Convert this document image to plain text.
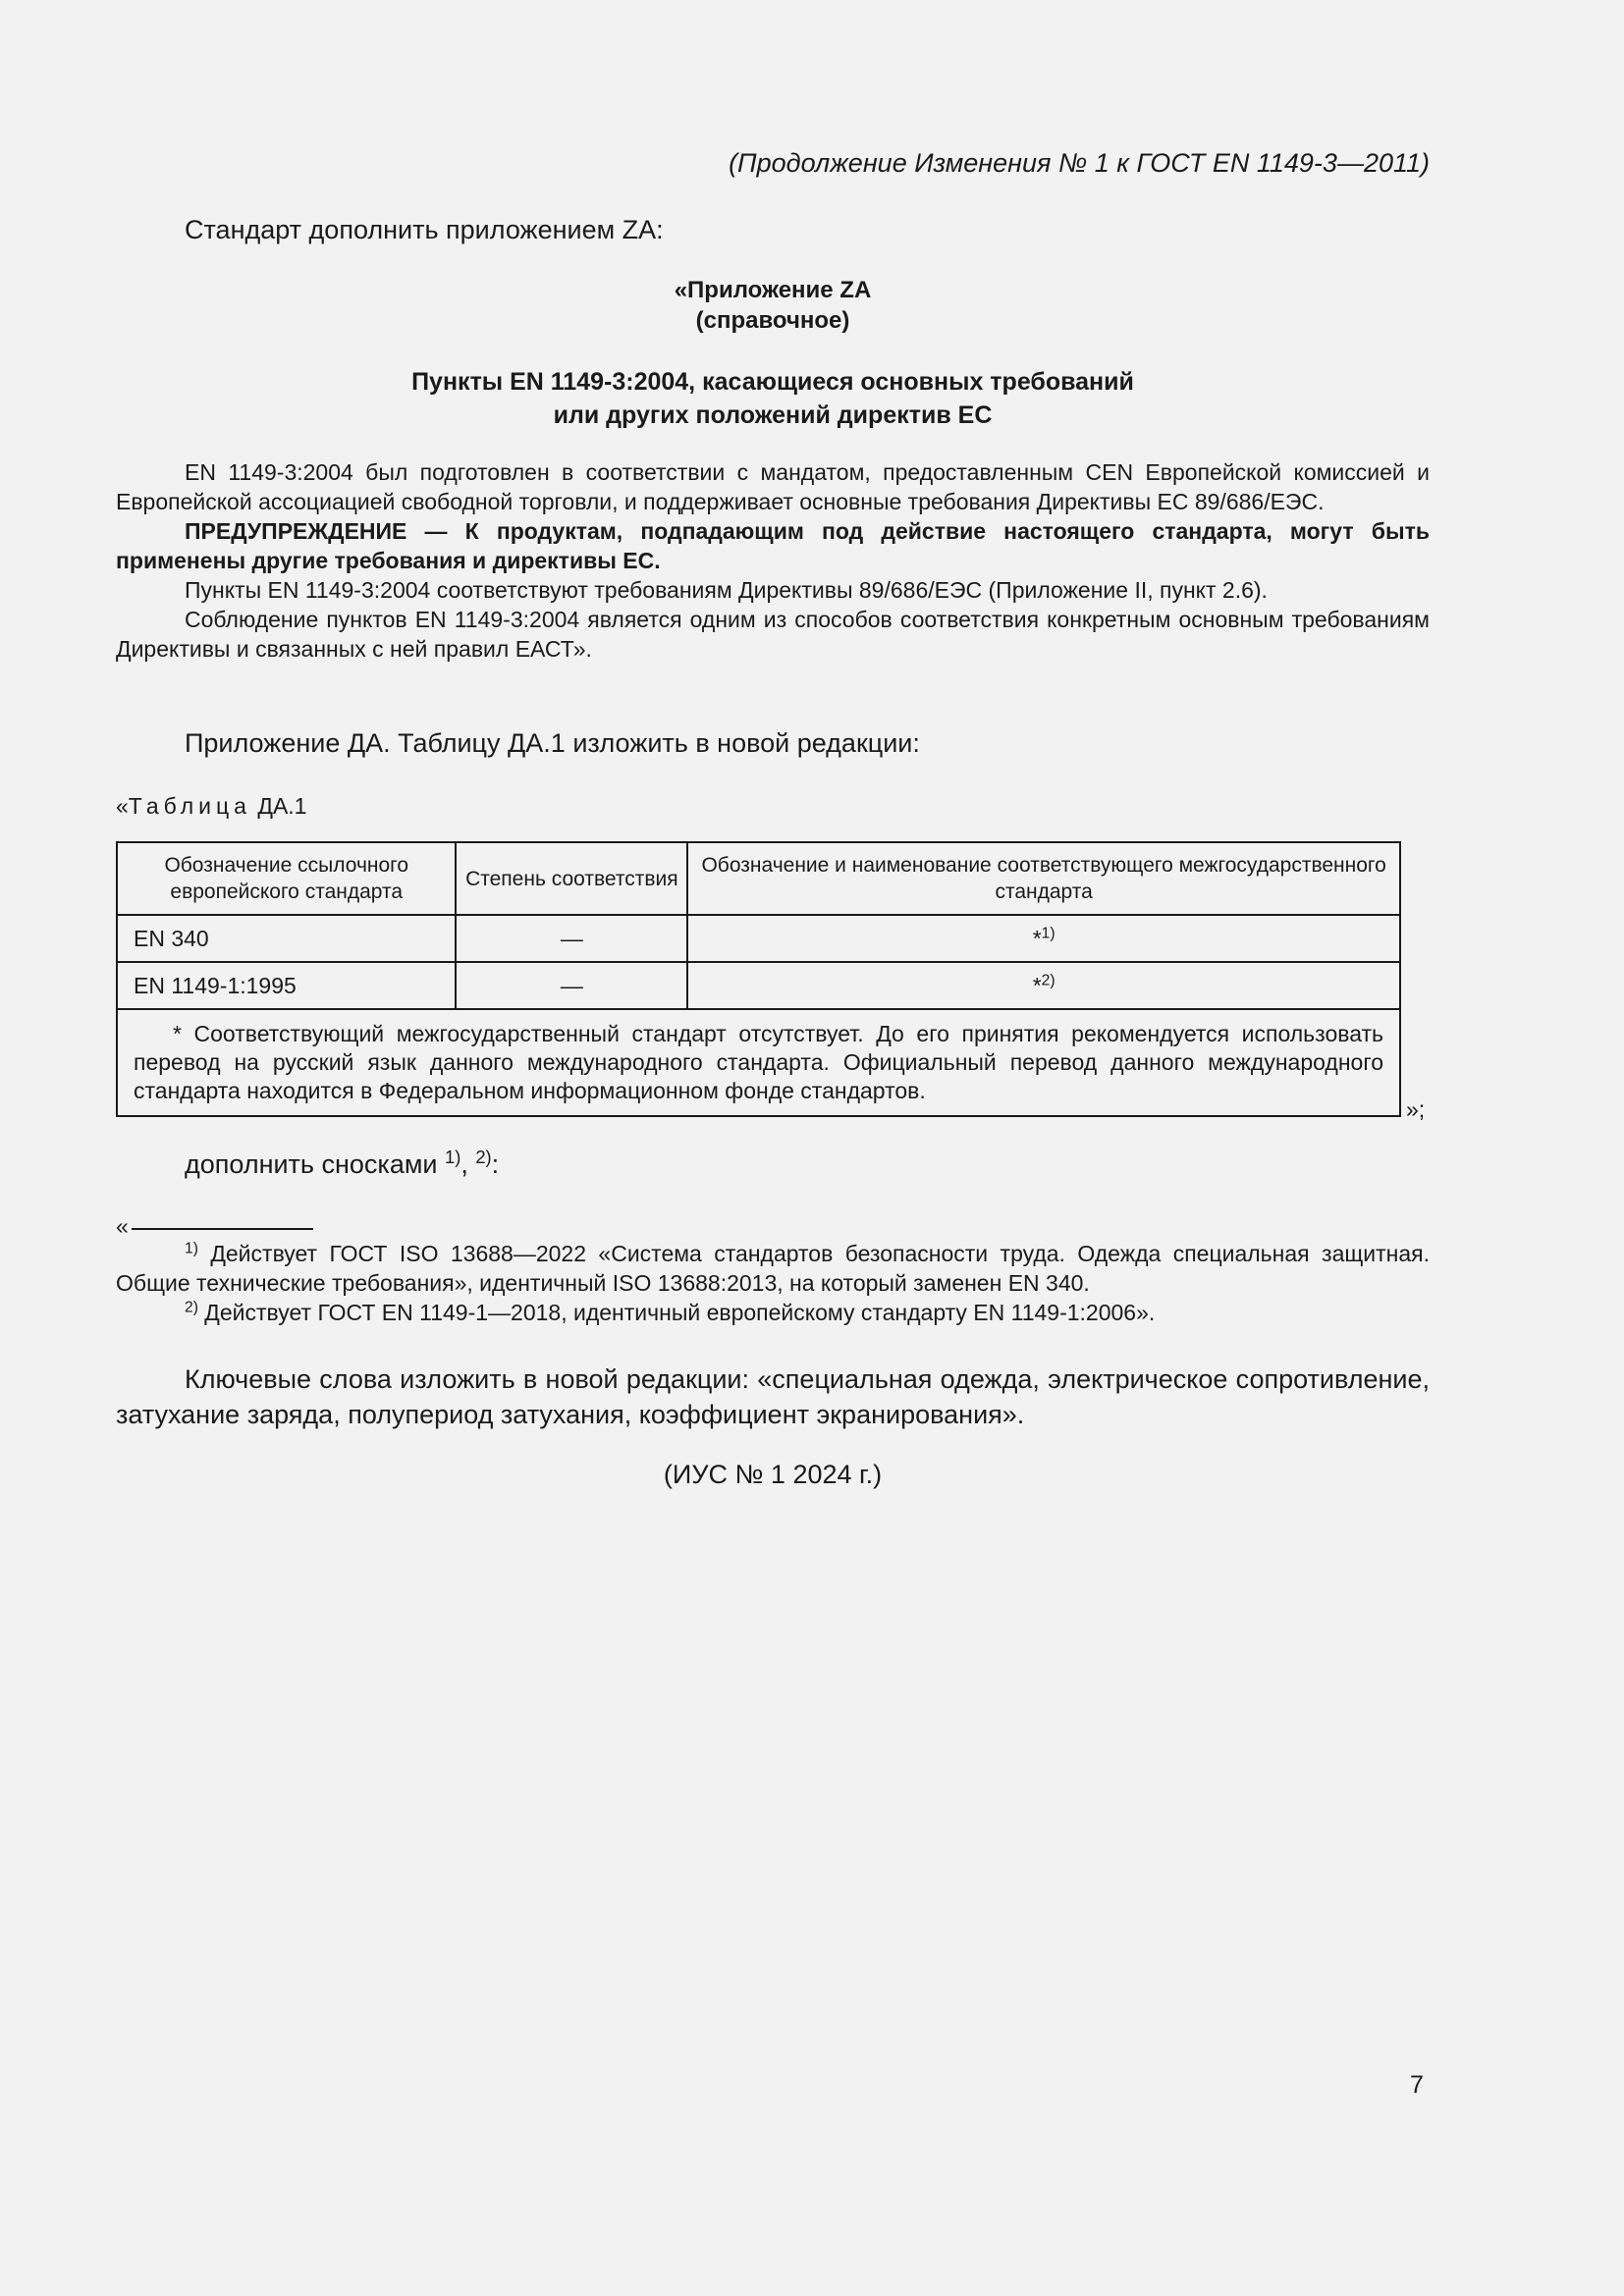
(Продолжение Изменения № 1 к ГОСТ EN 1149-3—2011)
Стандарт дополнить приложением ZA:
«Приложение ZA
(справочное)
Пункты EN 1149-3:2004, касающиеся основных требований
или других положений директив ЕС

EN 1149-3:2004 был подготовлен в соответствии с мандатом, предоставленным CEN Европейской комиссией и Европейской ассоциацией свободной торговли, и поддерживает основные требования Директивы ЕС 89/686/ЕЭС.

ПРЕДУПРЕЖДЕНИЕ — К продуктам, подпадающим под действие настоящего стандарта, могут быть применены другие требования и директивы ЕС.

Пункты EN 1149-3:2004 соответствуют требованиям Директивы 89/686/ЕЭС (Приложение II, пункт 2.6).

Соблюдение пунктов EN 1149-3:2004 является одним из способов соответствия конкретным основным требованиям Директивы и связанных с ней правил ЕАСТ».

Приложение ДА. Таблицу ДА.1 изложить в новой редакции:
«Таблица ДА.1
Обозначение ссылочного европейского стандарта	Степень соответствия	Обозначение и наименование соответствующего межгосударственного стандарта
EN 340	—	*$^{1)}$
EN 1149-1:1995	—	*$^{2)}$
* Соответствующий межгосударственный стандарт отсутствует. До его принятия рекомендуется использовать перевод на русский язык данного международного стандарта. Официальный перевод данного международного стандарта находится в Федеральном информационном фонде стандартов.		
»;
дополнить сносками $^{1)}$, $^{2)}$:
«

$^{1)}$ Действует ГОСТ ISO 13688—2022 «Система стандартов безопасности труда. Одежда специальная защитная. Общие технические требования», идентичный ISO 13688:2013, на который заменен EN 340.

$^{2)}$ Действует ГОСТ EN 1149-1—2018, идентичный европейскому стандарту EN 1149-1:2006».

Ключевые слова изложить в новой редакции: «специальная одежда, электрическое сопротивление, затухание заряда, полупериод затухания, коэффициент экранирования».

(ИУС № 1 2024 г.)
7
